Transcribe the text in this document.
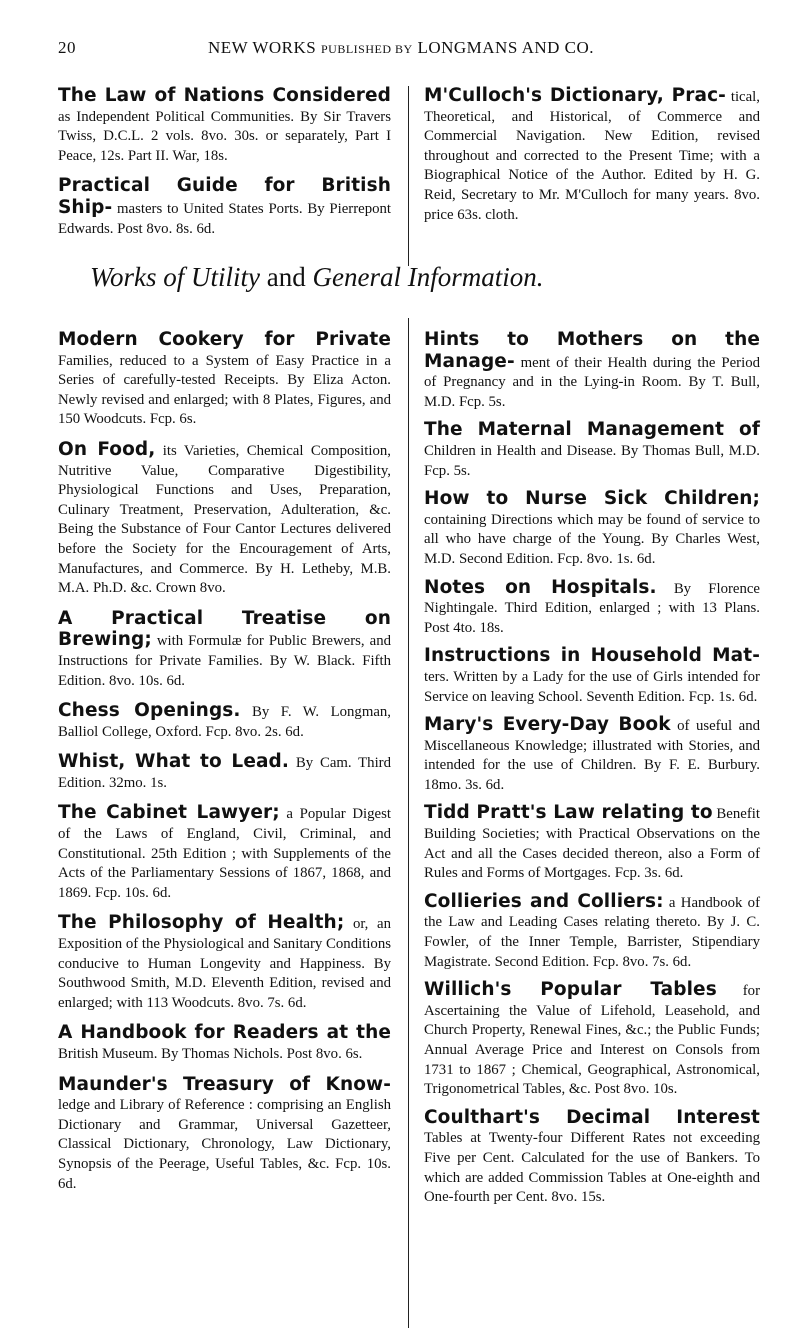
20	NEW WORKS PUBLISHED BY LONGMANS AND CO.
The Law of Nations Considered as Independent Political Communities. By Sir Travers Twiss, D.C.L. 2 vols. 8vo. 30s. or separately, Part I Peace, 12s. Part II. War, 18s.
Practical Guide for British Ship- masters to United States Ports. By Pierrepont Edwards. Post 8vo. 8s. 6d.
M'Culloch's Dictionary, Prac- tical, Theoretical, and Historical, of Commerce and Commercial Navigation. New Edition, revised throughout and corrected to the Present Time; with a Biographical Notice of the Author. Edited by H. G. Reid, Secretary to Mr. M'Culloch for many years. 8vo. price 63s. cloth.
Works of Utility and General Information.
Modern Cookery for Private Families, reduced to a System of Easy Practice in a Series of carefully-tested Receipts. By Eliza Acton. Newly revised and enlarged; with 8 Plates, Figures, and 150 Woodcuts. Fcp. 6s.
On Food, its Varieties, Chemical Composition, Nutritive Value, Comparative Digestibility, Physiological Functions and Uses, Preparation, Culinary Treatment, Preservation, Adulteration, &c. Being the Substance of Four Cantor Lectures delivered before the Society for the Encouragement of Arts, Manufactures, and Commerce. By H. Letheby, M.B. M.A. Ph.D. &c. Crown 8vo.
A Practical Treatise on Brewing; with Formulæ for Public Brewers, and Instructions for Private Families. By W. Black. Fifth Edition. 8vo. 10s. 6d.
Chess Openings. By F. W. Longman, Balliol College, Oxford. Fcp. 8vo. 2s. 6d.
Whist, What to Lead. By Cam. Third Edition. 32mo. 1s.
The Cabinet Lawyer; a Popular Digest of the Laws of England, Civil, Criminal, and Constitutional. 25th Edition ; with Supplements of the Acts of the Parliamentary Sessions of 1867, 1868, and 1869. Fcp. 10s. 6d.
The Philosophy of Health; or, an Exposition of the Physiological and Sanitary Conditions conducive to Human Longevity and Happiness. By Southwood Smith, M.D. Eleventh Edition, revised and enlarged; with 113 Woodcuts. 8vo. 7s. 6d.
A Handbook for Readers at the British Museum. By Thomas Nichols. Post 8vo. 6s.
Maunder's Treasury of Know- ledge and Library of Reference : comprising an English Dictionary and Grammar, Universal Gazetteer, Classical Dictionary, Chronology, Law Dictionary, Synopsis of the Peerage, Useful Tables, &c. Fcp. 10s. 6d.
Hints to Mothers on the Manage- ment of their Health during the Period of Pregnancy and in the Lying-in Room. By T. Bull, M.D. Fcp. 5s.
The Maternal Management of Children in Health and Disease. By Thomas Bull, M.D. Fcp. 5s.
How to Nurse Sick Children; containing Directions which may be found of service to all who have charge of the Young. By Charles West, M.D. Second Edition. Fcp. 8vo. 1s. 6d.
Notes on Hospitals. By Florence Nightingale. Third Edition, enlarged ; with 13 Plans. Post 4to. 18s.
Instructions in Household Mat- ters. Written by a Lady for the use of Girls intended for Service on leaving School. Seventh Edition. Fcp. 1s. 6d.
Mary's Every-Day Book of useful and Miscellaneous Knowledge; illustrated with Stories, and intended for the use of Children. By F. E. Burbury. 18mo. 3s. 6d.
Tidd Pratt's Law relating to Benefit Building Societies; with Practical Observations on the Act and all the Cases decided thereon, also a Form of Rules and Forms of Mortgages. Fcp. 3s. 6d.
Collieries and Colliers: a Handbook of the Law and Leading Cases relating thereto. By J. C. Fowler, of the Inner Temple, Barrister, Stipendiary Magistrate. Second Edition. Fcp. 8vo. 7s. 6d.
Willich's Popular Tables for Ascertaining the Value of Lifehold, Leasehold, and Church Property, Renewal Fines, &c.; the Public Funds; Annual Average Price and Interest on Consols from 1731 to 1867 ; Chemical, Geographical, Astronomical, Trigonometrical Tables, &c. Post 8vo. 10s.
Coulthart's Decimal Interest Tables at Twenty-four Different Rates not exceeding Five per Cent. Calculated for the use of Bankers. To which are added Commission Tables at One-eighth and One-fourth per Cent. 8vo. 15s.
